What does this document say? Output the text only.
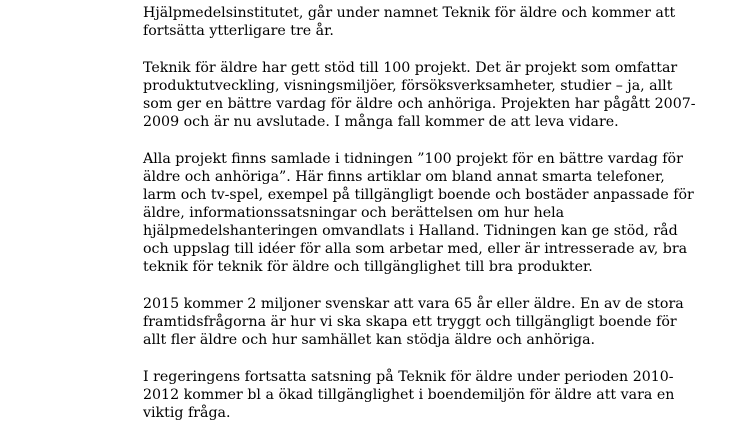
Hjälpmedelsinstitutet, går under namnet Teknik för äldre och kommer att
fortsätta ytterligare tre år.
Teknik för äldre har gett stöd till 100 projekt. Det är projekt som omfattar
produktutveckling, visningsmiljöer, försöksverksamheter, studier – ja, allt
som ger en bättre vardag för äldre och anhöriga. Projekten har pågått 2007-
2009 och är nu avslutade. I många fall kommer de att leva vidare.
Alla projekt finns samlade i tidningen ”100 projekt för en bättre vardag för
äldre och anhöriga”. Här finns artiklar om bland annat smarta telefoner,
larm och tv-spel, exempel på tillgängligt boende och bostäder anpassade för
äldre, informationssatsningar och berättelsen om hur hela
hjälpmedelshanteringen omvandlats i Halland. Tidningen kan ge stöd, råd
och uppslag till idéer för alla som arbetar med, eller är intresserade av, bra
teknik för teknik för äldre och tillgänglighet till bra produkter.
2015 kommer 2 miljoner svenskar att vara 65 år eller äldre. En av de stora
framtidsfrågorna är hur vi ska skapa ett tryggt och tillgängligt boende för
allt fler äldre och hur samhället kan stödja äldre och anhöriga.
I regeringens fortsatta satsning på Teknik för äldre under perioden 2010-
2012 kommer bl a ökad tillgänglighet i boendemiljön för äldre att vara en
viktig fråga.
